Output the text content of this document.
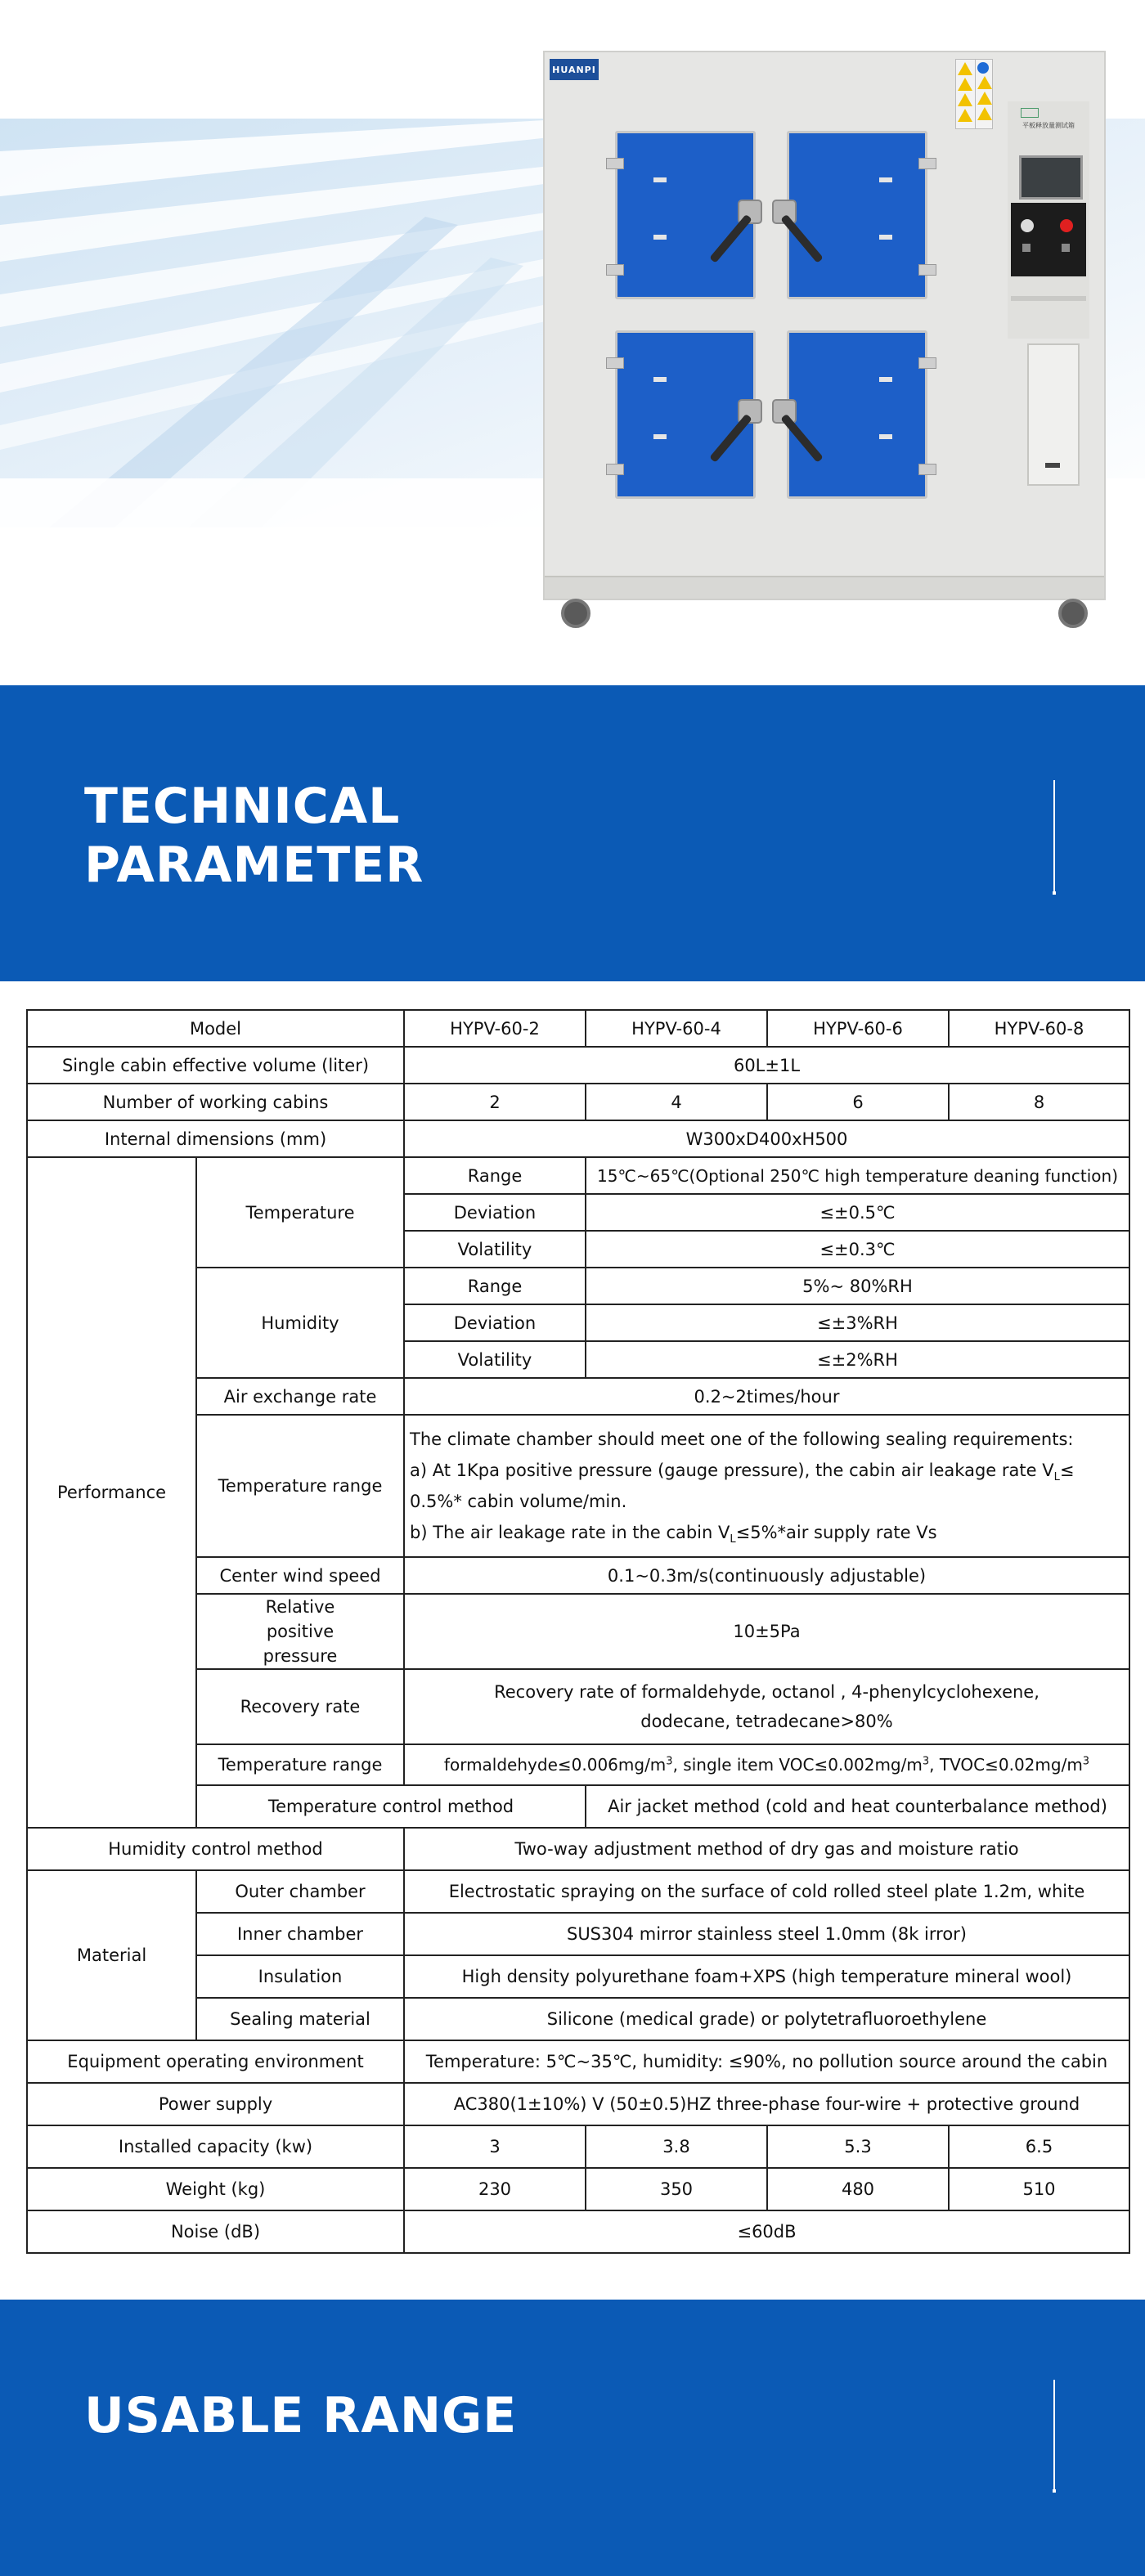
HUANPI
平板释放量测试箱
TECHNICAL
PARAMETER
Model		HYPV-60-2	HYPV-60-4	HYPV-60-6	HYPV-60-8
Single cabin effective volume (liter)		60L±1L			
Number of working cabins		2	4	6	8
Internal dimensions (mm)		W300xD400xH500			
Performance	Temperature	Range	15℃~65℃(Optional 250℃ high temperature deaning function)		
		Deviation	≤±0.5℃		
		Volatility	≤±0.3℃		
	Humidity	Range	5%~ 80%RH		
		Deviation	≤±3%RH		
		Volatility	≤±2%RH		
	Air exchange rate	0.2~2times/hour			
	Temperature range	The climate chamber should meet one of the following sealing requirements:
a) At 1Kpa positive pressure (gauge pressure), the cabin air leakage rate $V_L\le 0.5\%*$ cabin volume/min.
b) The air leakage rate in the cabin $V_L\le 5\%*air$ supply rate Vs			

	Center wind speed	0.1~0.3m/s(continuously adjustable)			
	Relative positive pressure	10±5Pa			
	Recovery rate	Recovery rate of formaldehyde, octanol , 4-phenylcyclohexene, dodecane, tetradecane>80%			
	Temperature range	$formaldehyde\le 0.006mg/m^3$, single item $VOC\le 0.002mg/m^3$, $TVOC\le 0.02mg/m^3$
	Temperature control method		Air jacket method (cold and heat counterbalance method)		
Humidity control method		Two-way adjustment method of dry gas and moisture ratio			
Material	Outer chamber	Electrostatic spraying on the surface of cold rolled steel plate 1.2m, white			
	Inner chamber	SUS304 mirror stainless steel 1.0mm (8k irror)			
	Insulation	High density polyurethane foam+XPS (high temperature mineral wool)			
	Sealing material	Silicone (medical grade) or polytetrafluoroethylene			
Equipment operating environment		Temperature: 5℃~35℃, humidity: ≤90%, no pollution source around the cabin			
Power supply		AC380(1±10%) V (50±0.5)HZ three-phase four-wire + protective ground			
Installed capacity (kw)		3	3.8	5.3	6.5
Weight (kg)		230	350	480	510
Noise (dB)		≤60dB			
USABLE RANGE
